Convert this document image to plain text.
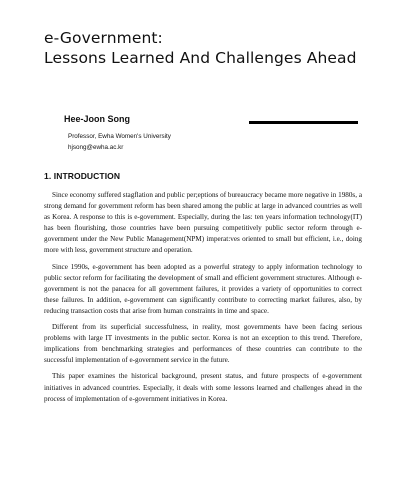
e-Government:
Lessons Learned And Challenges Ahead
Hee-Joon Song
Professor, Ewha Women's University
hjsong@ewha.ac.kr
1. INTRODUCTION

Since economy suffered stagflation and public per;eptions of bureaucracy became more negative in 1980s, a strong demand for government reform has been shared among the public at large in advanced countries as well as Korea. A response to this is e-government. Especially, during the las: ten years information technology(IT) has been flourishing, those countries have been pursuing competitively public sector reform through e-government under the New Public Management(NPM) imperat:ves oriented to small but efficient, i.e., doing more with less, government structure and operation.

Since 1990s, e-government has been adopted as a powerful strategy to apply information technology to public sector reform for facilitating the development of small and efficient government structures. Although e-government is not the panacea for all government failures, it provides a variety of opportunities to correct these failures. In addition, e-government can significantly contribute to correcting market failures, also, by reducing transaction costs that arise from human constraints in time and space.

Different from its superficial successfulness, in reality, most governments have been facing serious problems with large IT investments in the public sector. Korea is not an exception to this trend. Therefore, implications from benchmarking strategies and performances of these countries can contribute to the successful implementation of e-government service in the future.

This paper examines the historical background, present status, and future prospects of e-government initiatives in advanced countries. Especially, it deals with some lessons learned and challenges ahead in the process of implementation of e-government initiatives in Korea.
